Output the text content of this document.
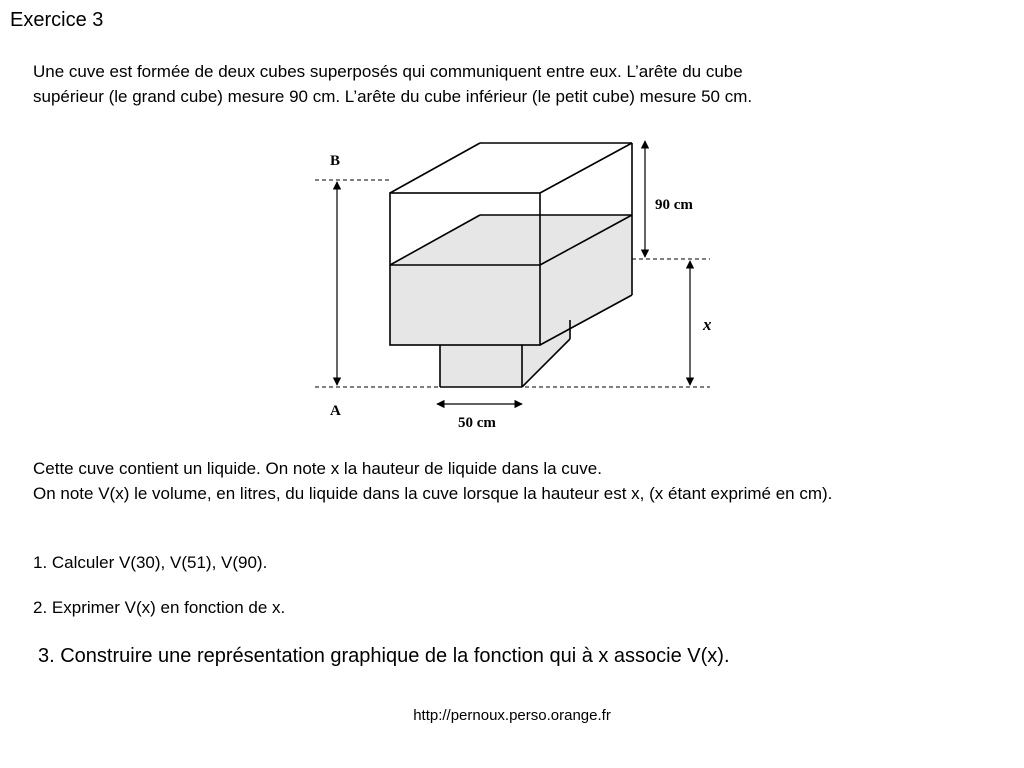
Exercice 3
Une cuve est formée de deux cubes superposés qui communiquent entre eux. L’arête du cube
supérieur (le grand cube) mesure 90 cm. L’arête du cube inférieur (le petit cube) mesure 50 cm.
B
A
90 cm
x
50 cm
Cette cuve contient un liquide. On note x la hauteur de liquide dans la cuve.
On note V(x) le volume, en litres, du liquide dans la cuve lorsque la hauteur est x, (x étant exprimé en cm).
1. Calculer V(30), V(51), V(90).
2. Exprimer V(x) en fonction de x.
3. Construire une représentation graphique de la fonction qui à x associe V(x).
http://pernoux.perso.orange.fr
